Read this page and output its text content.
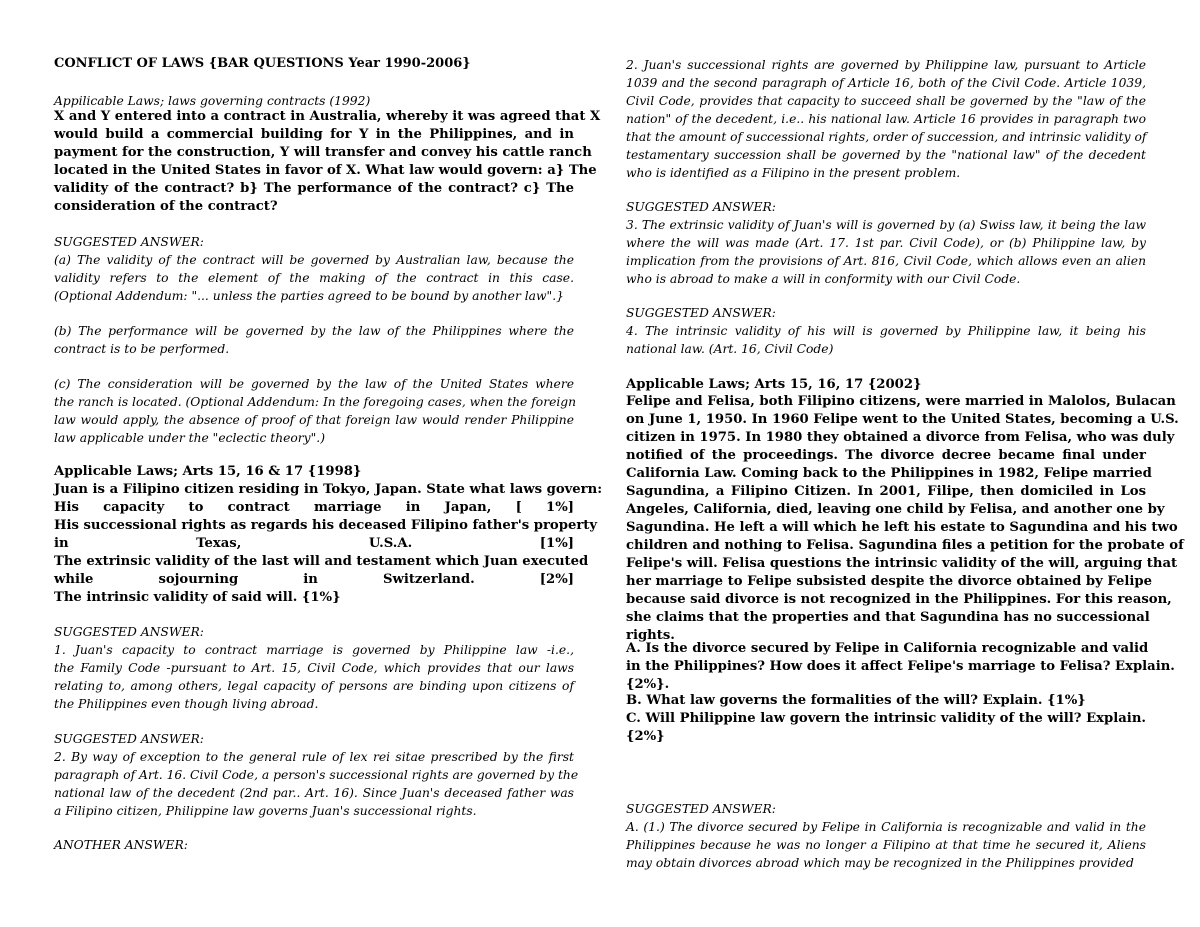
CONFLICT OF LAWS {BAR QUESTIONS Year 1990-2006}
Appilicable Laws; laws governing contracts (1992)
X and Y entered into a contract in Australia, whereby it was agreed that X
would build a commercial building for Y in the Philippines, and in
payment for the construction, Y will transfer and convey his cattle ranch
located in the United States in favor of X. What law would govern: a} The
validity of the contract? b} The performance of the contract? c} The
consideration of the contract?
SUGGESTED ANSWER:
(a) The validity of the contract will be governed by Australian law, because the
validity refers to the element of the making of the contract in this case.
(Optional Addendum: "... unless the parties agreed to be bound by another law".}
(b) The performance will be governed by the law of the Philippines where the
contract is to be performed.
(c) The consideration will be governed by the law of the United States where
the ranch is located. (Optional Addendum: In the foregoing cases, when the foreign
law would apply, the absence of proof of that foreign law would render Philippine
law applicable under the "eclectic theory".)
Applicable Laws; Arts 15, 16 & 17 {1998}
Juan is a Filipino citizen residing in Tokyo, Japan. State what laws govern:
His capacity to contract marriage in Japan, [ 1%]
His successional rights as regards his deceased Filipino father's property
in Texas, U.S.A. [1%]
The extrinsic validity of the last will and testament which Juan executed
while sojourning in Switzerland. [2%]
The intrinsic validity of said will. {1%}
SUGGESTED ANSWER:
1. Juan's capacity to contract marriage is governed by Philippine law -i.e.,
the Family Code -pursuant to Art. 15, Civil Code, which provides that our laws
relating to, among others, legal capacity of persons are binding upon citizens of
the Philippines even though living abroad.
SUGGESTED ANSWER:
2. By way of exception to the general rule of lex rei sitae prescribed by the first
paragraph of Art. 16. Civil Code, a person's successional rights are governed by the
national law of the decedent (2nd par.. Art. 16). Since Juan's deceased father was
a Filipino citizen, Philippine law governs Juan's successional rights.
ANOTHER ANSWER:
2. Juan's successional rights are governed by Philippine law, pursuant to Article
1039 and the second paragraph of Article 16, both of the Civil Code. Article 1039,
Civil Code, provides that capacity to succeed shall be governed by the "law of the
nation" of the decedent, i.e.. his national law. Article 16 provides in paragraph two
that the amount of successional rights, order of succession, and intrinsic validity of
testamentary succession shall be governed by the "national law" of the decedent
who is identified as a Filipino in the present problem.
SUGGESTED ANSWER:
3. The extrinsic validity of Juan's will is governed by (a) Swiss law, it being the law
where the will was made (Art. 17. 1st par. Civil Code), or (b) Philippine law, by
implication from the provisions of Art. 816, Civil Code, which allows even an alien
who is abroad to make a will in conformity with our Civil Code.
SUGGESTED ANSWER:
4. The intrinsic validity of his will is governed by Philippine law, it being his
national law. (Art. 16, Civil Code)
Applicable Laws; Arts 15, 16, 17 {2002}
Felipe and Felisa, both Filipino citizens, were married in Malolos, Bulacan
on June 1, 1950. In 1960 Felipe went to the United States, becoming a U.S.
citizen in 1975. In 1980 they obtained a divorce from Felisa, who was duly
notified of the proceedings. The divorce decree became final under
California Law. Coming back to the Philippines in 1982, Felipe married
Sagundina, a Filipino Citizen. In 2001, Filipe, then domiciled in Los
Angeles, California, died, leaving one child by Felisa, and another one by
Sagundina. He left a will which he left his estate to Sagundina and his two
children and nothing to Felisa. Sagundina files a petition for the probate of
Felipe's will. Felisa questions the intrinsic validity of the will, arguing that
her marriage to Felipe subsisted despite the divorce obtained by Felipe
because said divorce is not recognized in the Philippines. For this reason,
she claims that the properties and that Sagundina has no successional
rights.
A. Is the divorce secured by Felipe in California recognizable and valid
in the Philippines? How does it affect Felipe's marriage to Felisa? Explain.
{2%}.
B. What law governs the formalities of the will? Explain. {1%}
C. Will Philippine law govern the intrinsic validity of the will? Explain.
{2%}
SUGGESTED ANSWER:
A. (1.) The divorce secured by Felipe in California is recognizable and valid in the
Philippines because he was no longer a Filipino at that time he secured it, Aliens
may obtain divorces abroad which may be recognized in the Philippines provided
